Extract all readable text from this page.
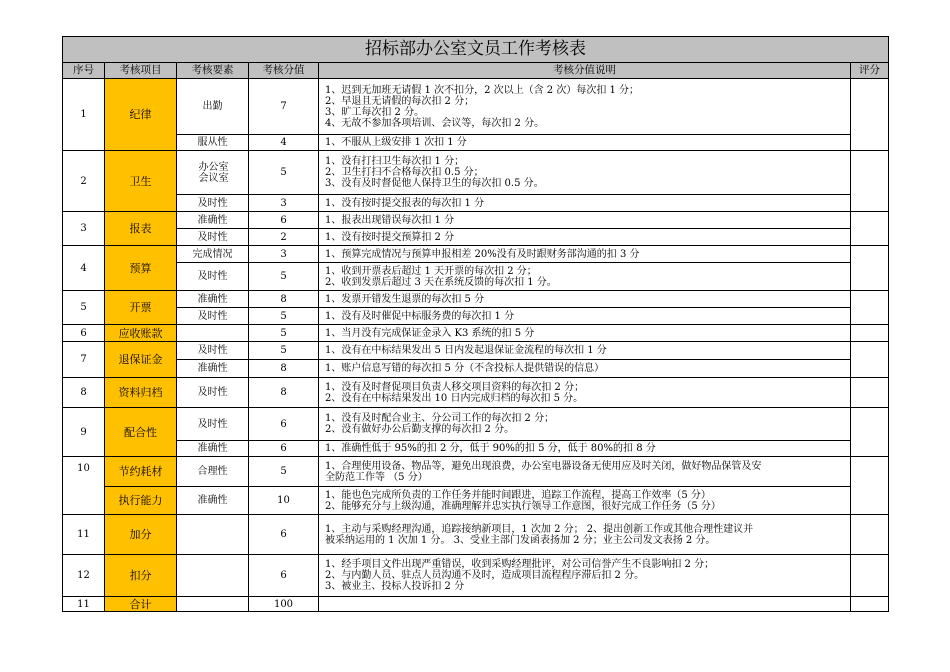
招标部办公室文员工作考核表					
序号	考核项目	考核要素	考核分值	考核分值说明	评分
1	纪律	出勤	7	1、迟到无加班无请假 1 次不扣分，2 次以上（含 2 次）每次扣 1 分；
2、早退且无请假的每次扣 2 分；
3、旷工每次扣 2 分。
4、无故不参加各项培训、会议等，每次扣 2 分。	
		服从性	4	1、不服从上级安排 1 次扣 1 分	
2	卫生	办公室
会议室	5	1、没有打扫卫生每次扣 1 分；
2、卫生打扫不合格每次扣 0.5 分；
3、没有及时督促他人保持卫生的每次扣 0.5 分。	
		及时性	3	1、没有按时提交报表的每次扣 1 分	
3	报表	准确性	6	1、报表出现错误每次扣 1 分	
		及时性	2	1、没有按时提交预算扣 2 分	
4	预算	完成情况	3	1、预算完成情况与预算申报相差 20%没有及时跟财务部沟通的扣 3 分	
		及时性	5	1、收到开票表后超过 1 天开票的每次扣 2 分；
2、收到发票后超过 3 天在系统反馈的每次扣 1 分。	
5	开票	准确性	8	1、发票开错发生退票的每次扣 5 分	
		及时性	5	1、没有及时催促中标服务费的每次扣 1 分	
6	应收账款		5	1、当月没有完成保证金录入 K3 系统的扣 5 分	
7	退保证金	及时性	5	1、没有在中标结果发出 5 日内发起退保证金流程的每次扣 1 分	
		准确性	8	1、账户信息写错的每次扣 5 分（不含投标人提供错误的信息）	
8	资料归档	及时性	8	1、没有及时督促项目负责人移交项目资料的每次扣 2 分；
2、没有在中标结果发出 10 日内完成归档的每次扣 5 分。	
9	配合性	及时性	6	1、没有及时配合业主、分公司工作的每次扣 2 分；
2、没有做好办公后勤支撑的每次扣 2 分。	
		准确性	6	1、准确性低于 95%的扣 2 分，低于 90%的扣 5 分，低于 80%的扣 8 分	
10	节约耗材	合理性	5	1、合理使用设备、物品等，避免出现浪费，办公室电器设备无使用应及时关闭，做好物品保管及安
全防范工作等 （5 分）	
	执行能力	准确性	10	1、能也色完成所负责的工作任务并能时间跟进，追踪工作流程，提高工作效率（5 分）
2、能够充分与上级沟通，准确理解并忠实执行领导工作意图，很好完成工作任务（5 分）	
11	加分		6	1、主动与采购经理沟通，追踪接纳新项目，1 次加 2 分； 2、提出创新工作或其他合理性建议并
被采纳运用的 1 次加 1 分。 3、受业主部门发函表扬加 2 分；业主公司发文表扬 2 分。	
12	扣分		6	1、经手项目文件出现严重错误，收到采购经理批评，对公司信誉产生不良影响扣 2 分；
2、与内勤人员、驻点人员沟通不及时，造成项目流程程序滞后扣 2 分。
3、被业主、投标人投诉扣 2 分	
11	合计		100		
